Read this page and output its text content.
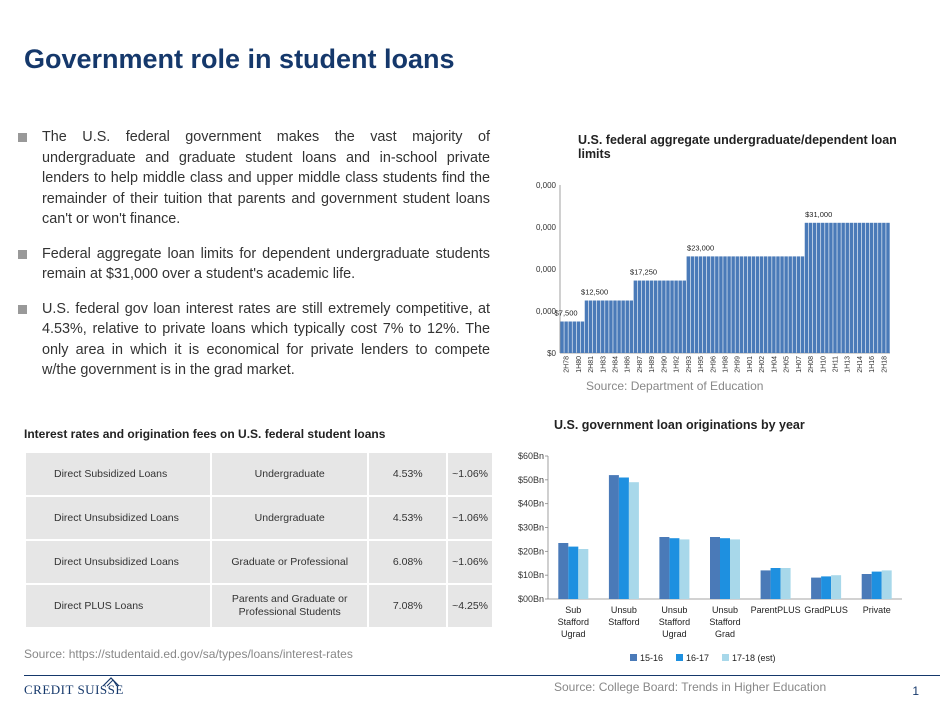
Government role in student loans
The U.S. federal government makes the vast majority of undergraduate and graduate student loans and in-school private lenders to help middle class and upper middle class students find the remainder of their tuition that parents and government student loans can't or won't finance.
Federal aggregate loan limits for dependent undergraduate students remain at $31,000 over a student's academic life.
U.S. federal gov loan interest rates are still extremely competitive, at 4.53%, relative to private loans which typically cost 7% to 12%. The only area in which it is economical for private lenders to compete w/the government is in the grad market.
U.S. federal aggregate undergraduate/dependent loan limits
$0
0,000
0,000
0,000
0,000
$7,500
$12,500
$17,250
$23,000
$31,000
2H78 1H80 2H81 1H83 2H84 1H86 2H87 1H89 2H90 1H92 2H93 1H95 2H96 1H98 2H99 1H01 2H02 1H04 2H05 1H07 2H08 1H10 2H11 1H13 2H14 1H16 2H18
Source: Department of Education
Interest rates and origination fees on U.S. federal student loans
Direct Subsidized Loans	Undergraduate	4.53%	~1.06%
Direct Unsubsidized Loans	Undergraduate	4.53%	~1.06%
Direct Unsubsidized Loans	Graduate or Professional	6.08%	~1.06%
Direct PLUS Loans	Parents and Graduate or Professional Students	7.08%	~4.25%
Source: https://studentaid.ed.gov/sa/types/loans/interest-rates
U.S. government loan originations by year
$00Bn
$10Bn
$20Bn
$30Bn
$40Bn
$50Bn
$60Bn
Sub Stafford Ugrad
Unsub Stafford
Unsub Stafford Ugrad
Unsub Stafford Grad
ParentPLUS GradPLUS Private
15-16	16-17	17-18 (est)
Source: College Board: Trends in Higher Education
CREDIT SUISSE	1
